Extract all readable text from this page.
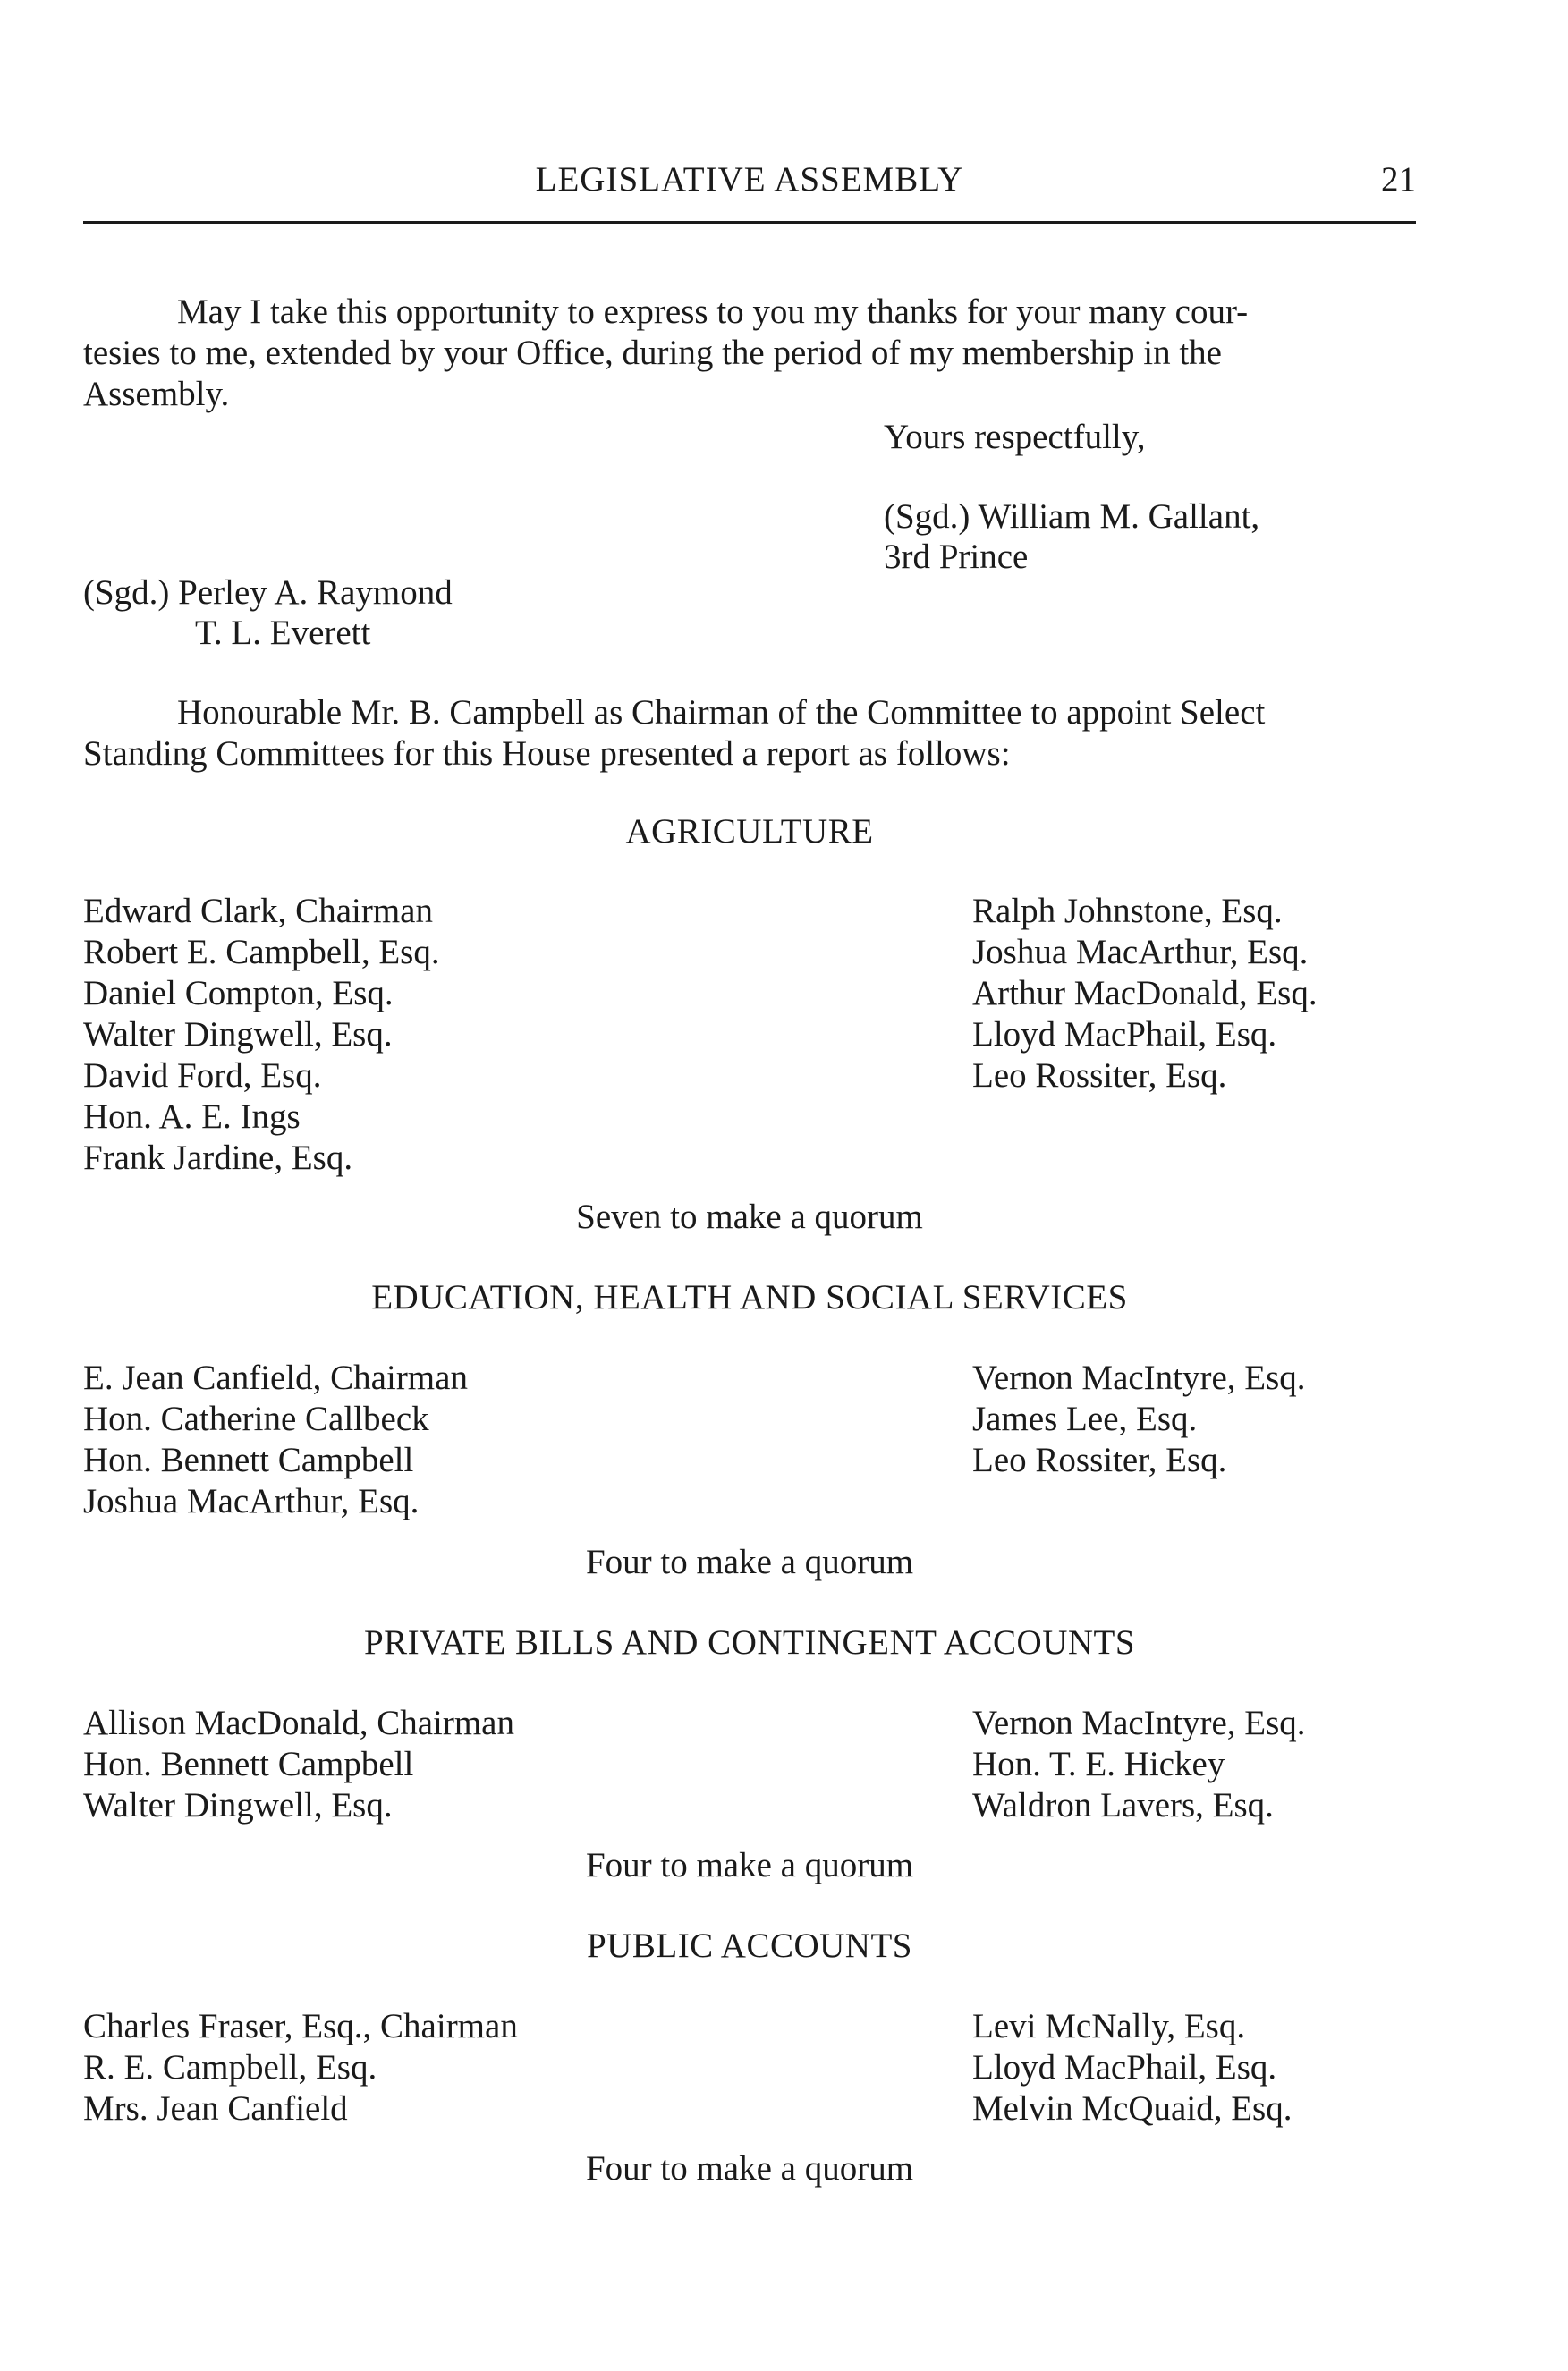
LEGISLATIVE ASSEMBLY	21
May I take this opportunity to express to you my thanks for your many cour-
tesies to me, extended by your Office, during the period of my membership in the
Assembly.
Yours respectfully,
(Sgd.) William M. Gallant,
3rd Prince
(Sgd.) Perley A. Raymond
T. L. Everett
Honourable Mr. B. Campbell as Chairman of the Committee to appoint Select
Standing Committees for this House presented a report as follows:
AGRICULTURE
Edward Clark, Chairman
Robert E. Campbell, Esq.
Daniel Compton, Esq.
Walter Dingwell, Esq.
David Ford, Esq.
Hon. A. E. Ings
Frank Jardine, Esq.
Ralph Johnstone, Esq.
Joshua MacArthur, Esq.
Arthur MacDonald, Esq.
Lloyd MacPhail, Esq.
Leo Rossiter, Esq.
Seven to make a quorum
EDUCATION, HEALTH AND SOCIAL SERVICES
E. Jean Canfield, Chairman
Hon. Catherine Callbeck
Hon. Bennett Campbell
Joshua MacArthur, Esq.
Vernon MacIntyre, Esq.
James Lee, Esq.
Leo Rossiter, Esq.
Four to make a quorum
PRIVATE BILLS AND CONTINGENT ACCOUNTS
Allison MacDonald, Chairman
Hon. Bennett Campbell
Walter Dingwell, Esq.
Vernon MacIntyre, Esq.
Hon. T. E. Hickey
Waldron Lavers, Esq.
Four to make a quorum
PUBLIC ACCOUNTS
Charles Fraser, Esq., Chairman
R. E. Campbell, Esq.
Mrs. Jean Canfield
Levi McNally, Esq.
Lloyd MacPhail, Esq.
Melvin McQuaid, Esq.
Four to make a quorum
